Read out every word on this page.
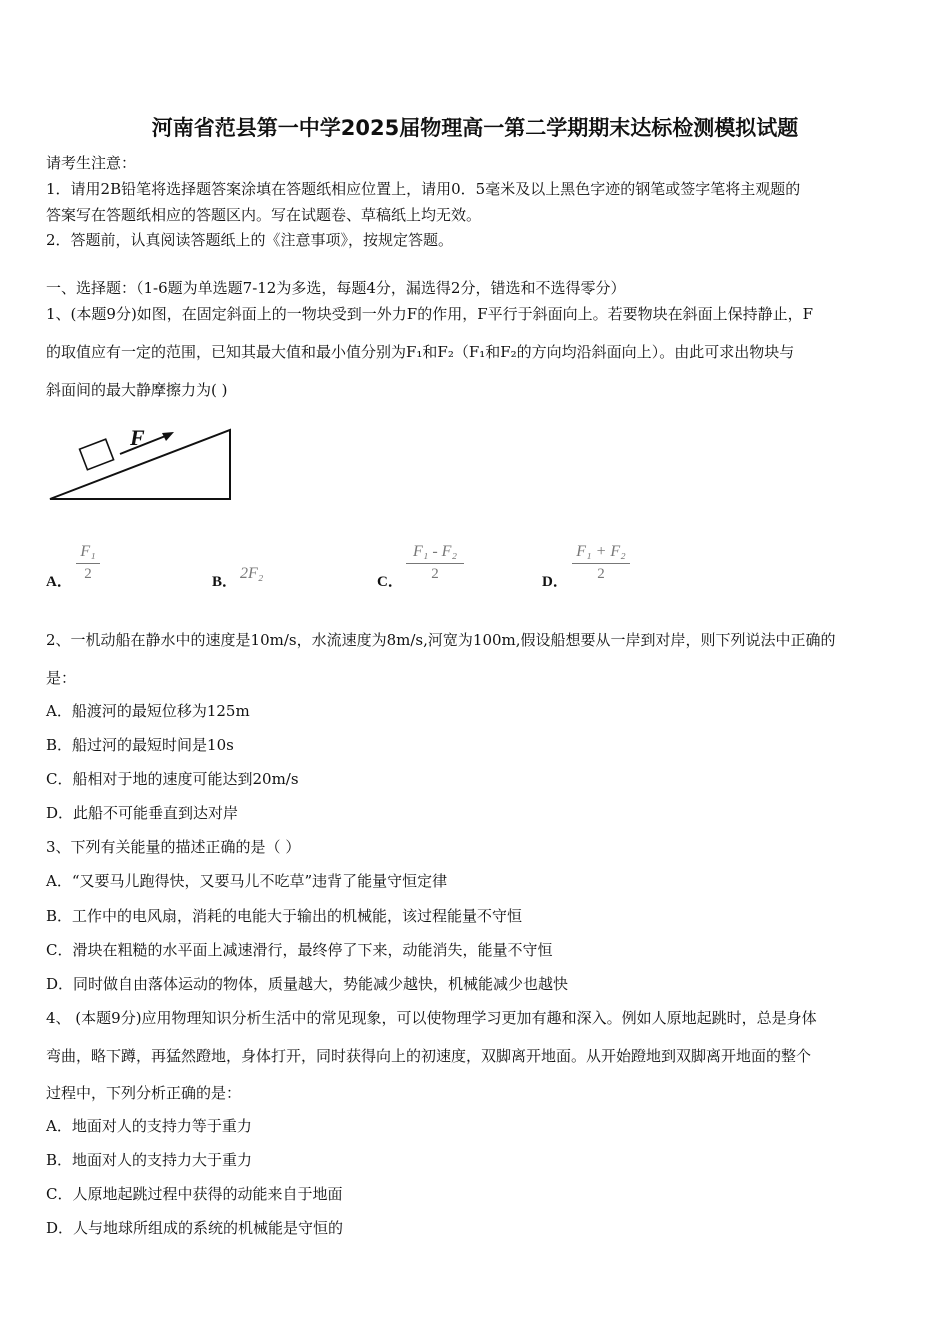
河南省范县第一中学2025届物理高一第二学期期末达标检测模拟试题
请考生注意：
1．请用2B铅笔将选择题答案涂填在答题纸相应位置上，请用0．5毫米及以上黑色字迹的钢笔或签字笔将主观题的
答案写在答题纸相应的答题区内。写在试题卷、草稿纸上均无效。
2．答题前，认真阅读答题纸上的《注意事项》，按规定答题。
一、选择题：（1-6题为单选题7-12为多选，每题4分，漏选得2分，错选和不选得零分）
1、(本题9分)如图，在固定斜面上的一物块受到一外力F的作用，F平行于斜面向上。若要物块在斜面上保持静止，F
的取值应有一定的范围，已知其最大值和最小值分别为F₁和F₂（F₁和F₂的方向均沿斜面向上）。由此可求出物块与
斜面间的最大静摩擦力为( )
F
A．
F₁
2	B． 2F₂	C．
F₁ - F₂
2	D．
F₁ + F₂
2
2、一机动船在静水中的速度是10m/s，水流速度为8m/s,河宽为100m,假设船想要从一岸到对岸，则下列说法中正确的
是：
A．船渡河的最短位移为125m
B．船过河的最短时间是10s
C．船相对于地的速度可能达到20m/s
D．此船不可能垂直到达对岸
3、下列有关能量的描述正确的是（ ）
A．“又要马儿跑得快，又要马儿不吃草”违背了能量守恒定律
B．工作中的电风扇，消耗的电能大于输出的机械能，该过程能量不守恒
C．滑块在粗糙的水平面上减速滑行，最终停了下来，动能消失，能量不守恒
D．同时做自由落体运动的物体，质量越大，势能减少越快，机械能减少也越快
4、 (本题9分)应用物理知识分析生活中的常见现象，可以使物理学习更加有趣和深入。例如人原地起跳时，总是身体
弯曲，略下蹲，再猛然蹬地，身体打开，同时获得向上的初速度，双脚离开地面。从开始蹬地到双脚离开地面的整个
过程中，下列分析正确的是：
A．地面对人的支持力等于重力
B．地面对人的支持力大于重力
C．人原地起跳过程中获得的动能来自于地面
D．人与地球所组成的系统的机械能是守恒的
